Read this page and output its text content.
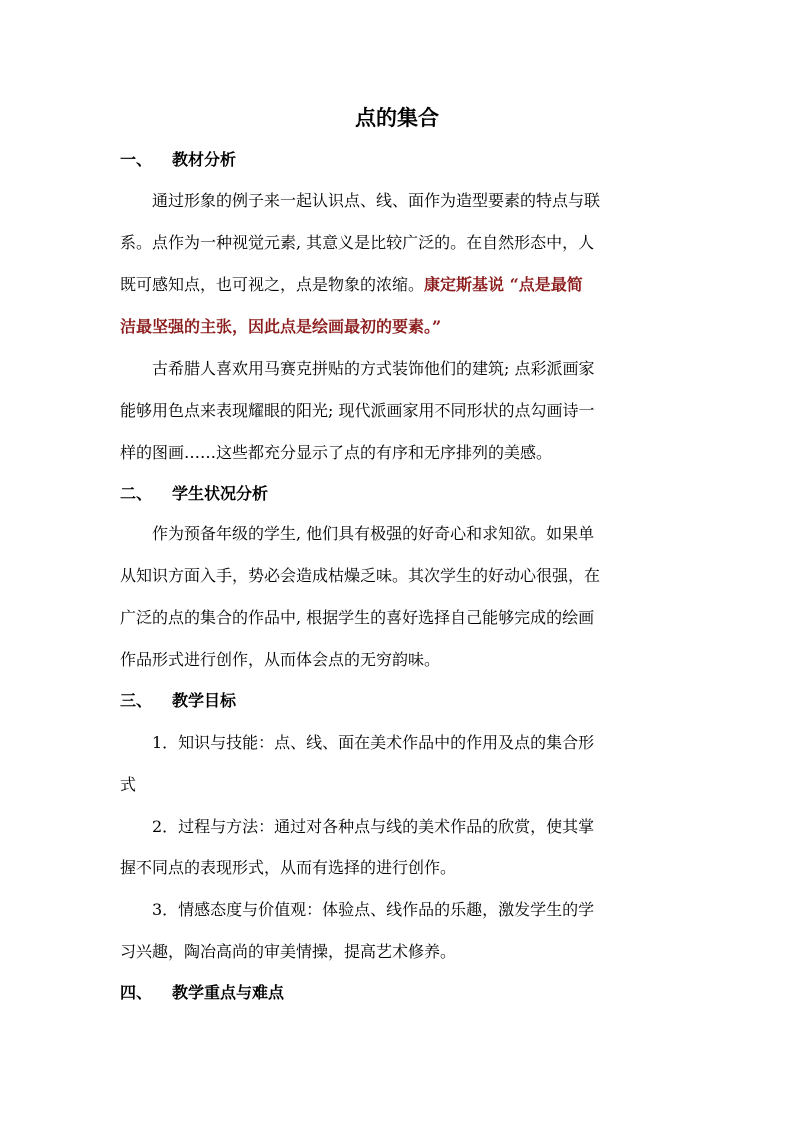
点的集合
一、 教材分析
通过形象的例子来一起认识点、线、面作为造型要素的特点与联
系。点作为一种视觉元素, 其意义是比较广泛的。在自然形态中，人
既可感知点，也可视之，点是物象的浓缩。康定斯基说 “点是最简
洁最坚强的主张，因此点是绘画最初的要素。”
古希腊人喜欢用马赛克拼贴的方式装饰他们的建筑; 点彩派画家
能够用色点来表现耀眼的阳光; 现代派画家用不同形状的点勾画诗一
样的图画……这些都充分显示了点的有序和无序排列的美感。
二、 学生状况分析
作为预备年级的学生, 他们具有极强的好奇心和求知欲。如果单
从知识方面入手，势必会造成枯燥乏味。其次学生的好动心很强，在
广泛的点的集合的作品中, 根据学生的喜好选择自己能够完成的绘画
作品形式进行创作，从而体会点的无穷韵味。
三、 教学目标
1．知识与技能：点、线、面在美术作品中的作用及点的集合形
式
2．过程与方法：通过对各种点与线的美术作品的欣赏，使其掌
握不同点的表现形式，从而有选择的进行创作。
3．情感态度与价值观：体验点、线作品的乐趣，激发学生的学
习兴趣，陶冶高尚的审美情操，提高艺术修养。
四、 教学重点与难点
